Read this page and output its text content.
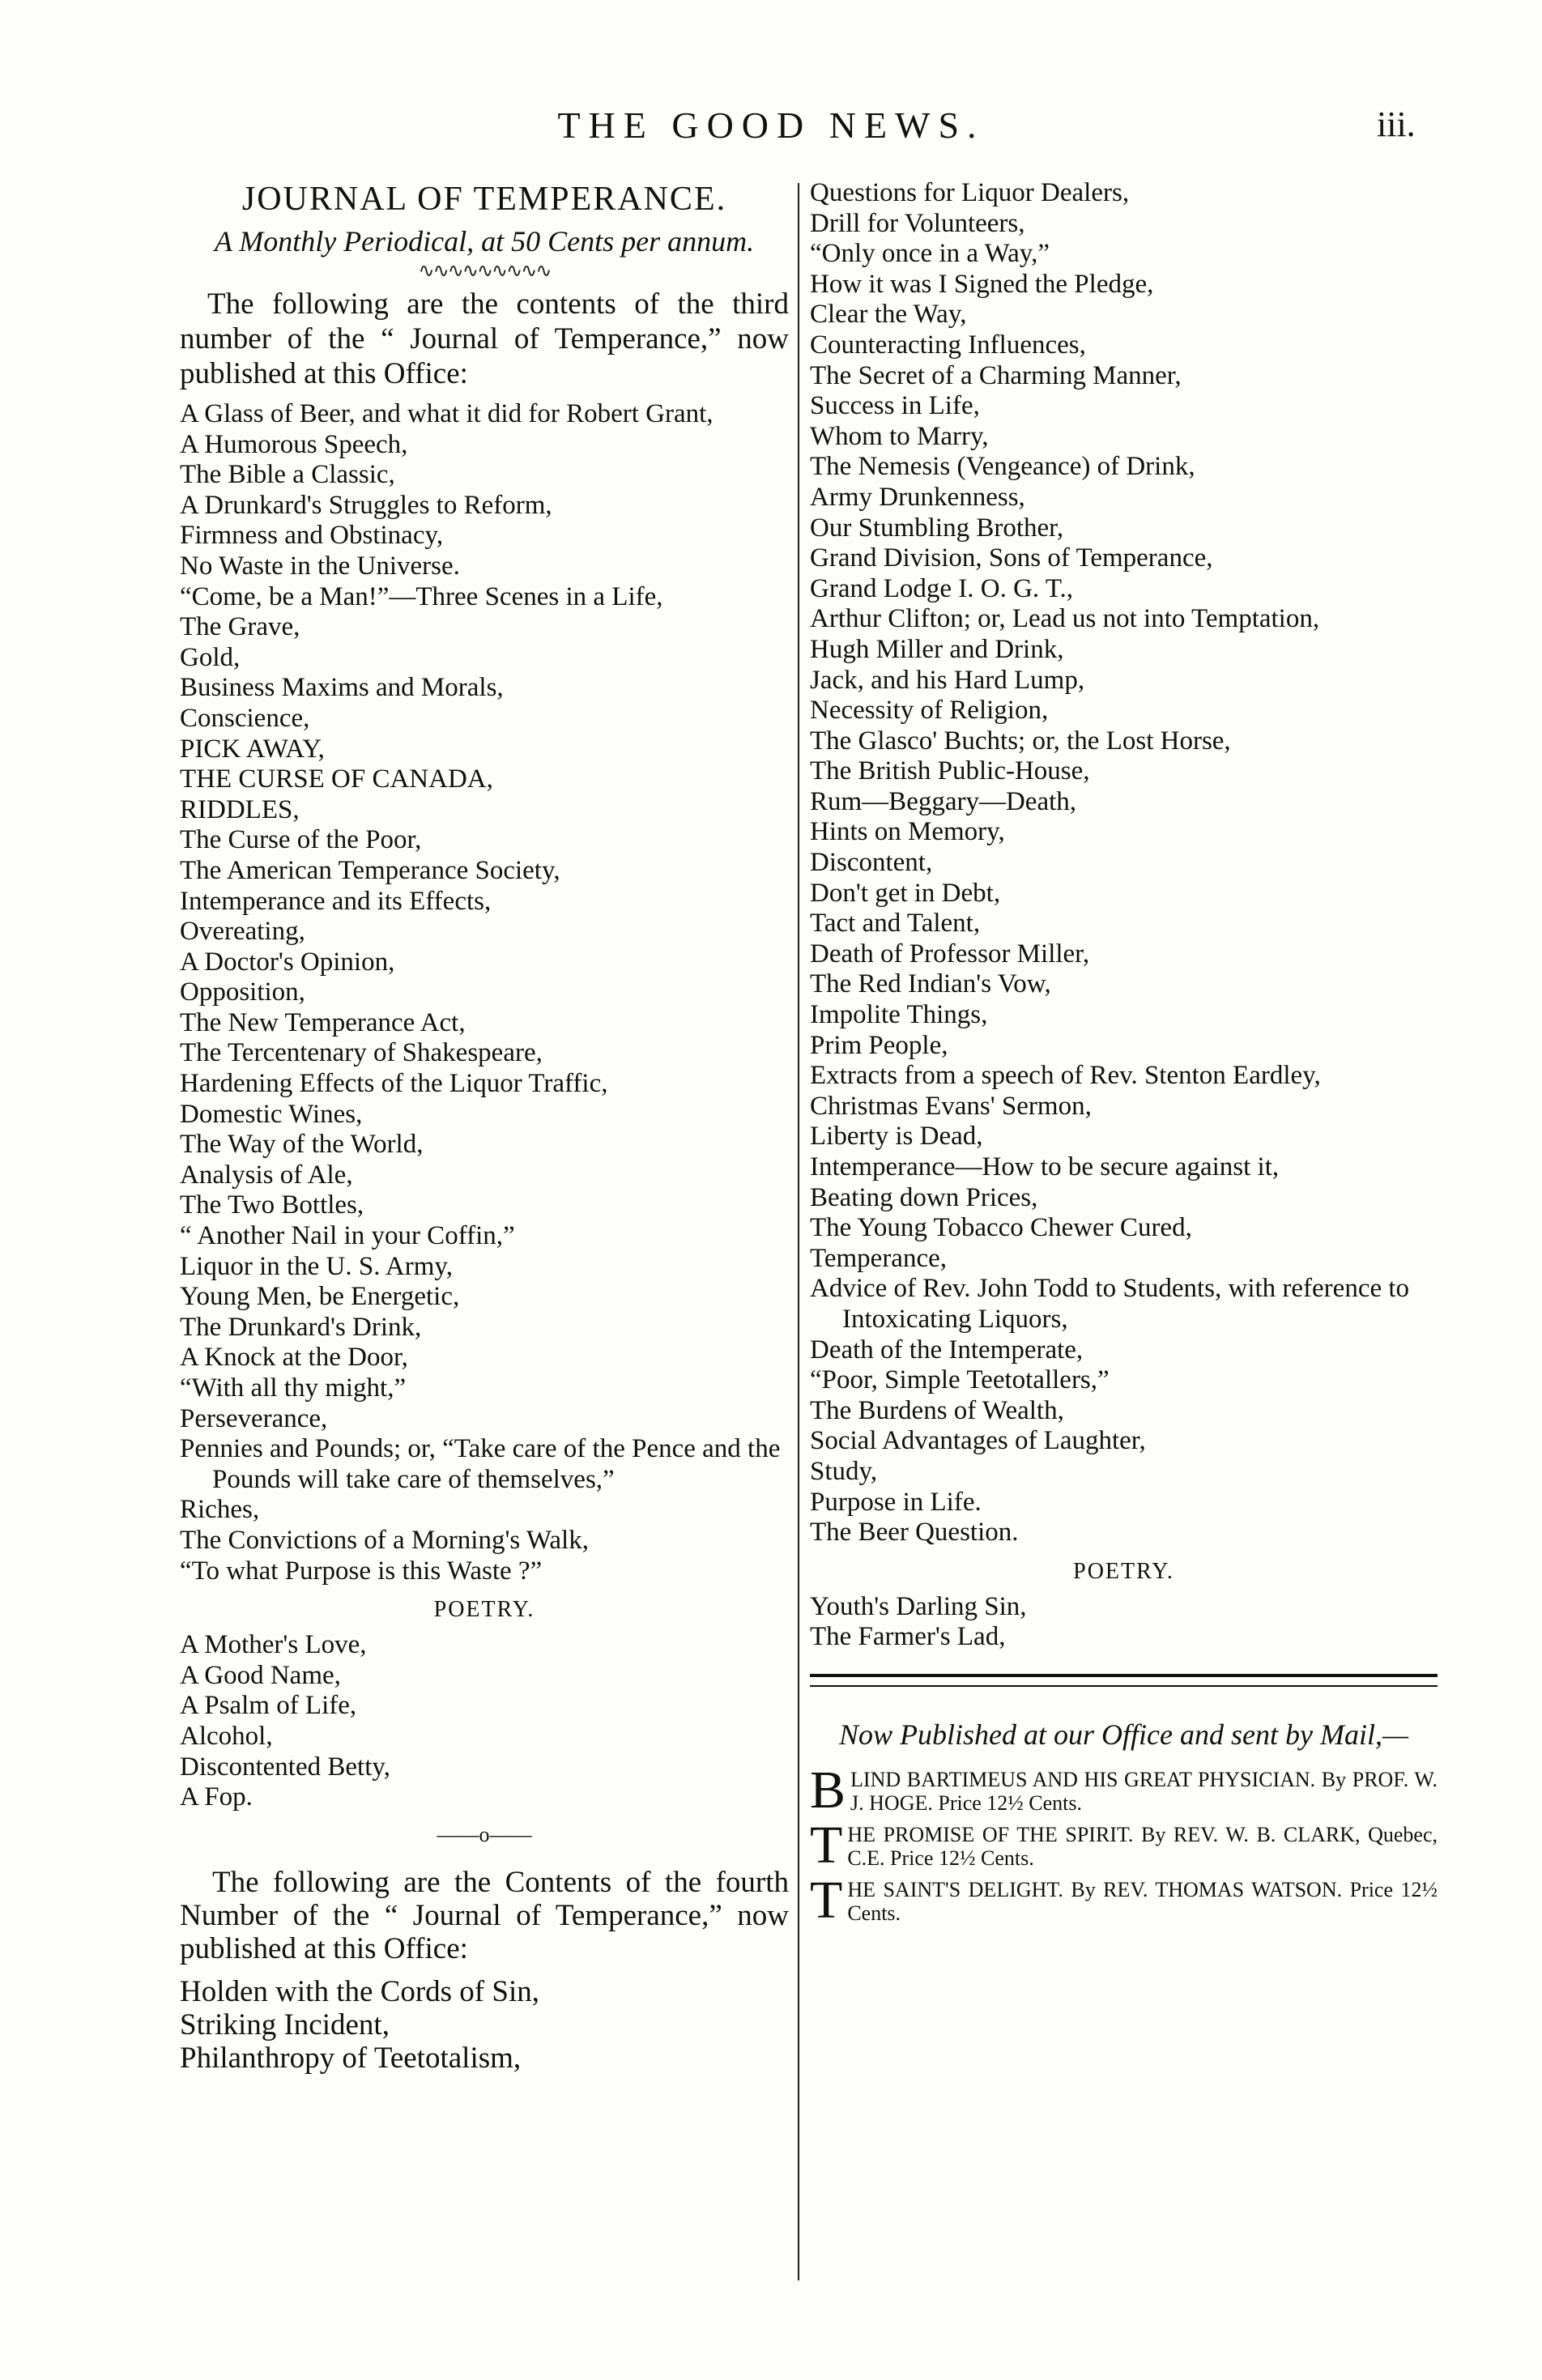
THE GOOD NEWS.	iii.

JOURNAL OF TEMPERANCE.

A Monthly Periodical, at 50 Cents per annum.

∿∿∿∿∿∿∿∿∿

The following are the contents of the third number of the “ Journal of Temperance,” now published at this Office:

A Glass of Beer, and what it did for Robert Grant,
A Humorous Speech,
The Bible a Classic,
A Drunkard's Struggles to Reform,
Firmness and Obstinacy,
No Waste in the Universe.
“Come, be a Man!”—Three Scenes in a Life,
The Grave,
Gold,
Business Maxims and Morals,
Conscience,
PICK AWAY,
THE CURSE OF CANADA,
RIDDLES,
The Curse of the Poor,
The American Temperance Society,
Intemperance and its Effects,
Overeating,
A Doctor's Opinion,
Opposition,
The New Temperance Act,
The Tercentenary of Shakespeare,
Hardening Effects of the Liquor Traffic,
Domestic Wines,
The Way of the World,
Analysis of Ale,
The Two Bottles,
“ Another Nail in your Coffin,”
Liquor in the U. S. Army,
Young Men, be Energetic,
The Drunkard's Drink,
A Knock at the Door,
“With all thy might,”
Perseverance,
Pennies and Pounds; or, “Take care of the Pence and the Pounds will take care of themselves,”
Riches,
The Convictions of a Morning's Walk,
“To what Purpose is this Waste ?”
POETRY.
A Mother's Love,
A Good Name,
A Psalm of Life,
Alcohol,
Discontented Betty,
A Fop.
——o——

The following are the Contents of the fourth Number of the “ Journal of Temperance,” now published at this Office:

Holden with the Cords of Sin,
Striking Incident,
Philanthropy of Teetotalism,
Questions for Liquor Dealers,
Drill for Volunteers,
“Only once in a Way,”
How it was I Signed the Pledge,
Clear the Way,
Counteracting Influences,
The Secret of a Charming Manner,
Success in Life,
Whom to Marry,
The Nemesis (Vengeance) of Drink,
Army Drunkenness,
Our Stumbling Brother,
Grand Division, Sons of Temperance,
Grand Lodge I. O. G. T.,
Arthur Clifton; or, Lead us not into Temptation,
Hugh Miller and Drink,
Jack, and his Hard Lump,
Necessity of Religion,
The Glasco' Buchts; or, the Lost Horse,
The British Public-House,
Rum—Beggary—Death,
Hints on Memory,
Discontent,
Don't get in Debt,
Tact and Talent,
Death of Professor Miller,
The Red Indian's Vow,
Impolite Things,
Prim People,
Extracts from a speech of Rev. Stenton Eardley,
Christmas Evans' Sermon,
Liberty is Dead,
Intemperance—How to be secure against it,
Beating down Prices,
The Young Tobacco Chewer Cured,
Temperance,
Advice of Rev. John Todd to Students, with reference to Intoxicating Liquors,
Death of the Intemperate,
“Poor, Simple Teetotallers,”
The Burdens of Wealth,
Social Advantages of Laughter,
Study,
Purpose in Life.
The Beer Question.
POETRY.
Youth's Darling Sin,
The Farmer's Lad,

Now Published at our Office and sent by Mail,—

BLIND BARTIMEUS AND HIS GREAT PHYSICIAN. By PROF. W. J. HOGE. Price 12½ Cents.

THE PROMISE OF THE SPIRIT. By REV. W. B. CLARK, Quebec, C.E. Price 12½ Cents.

THE SAINT'S DELIGHT. By REV. THOMAS WATSON. Price 12½ Cents.
